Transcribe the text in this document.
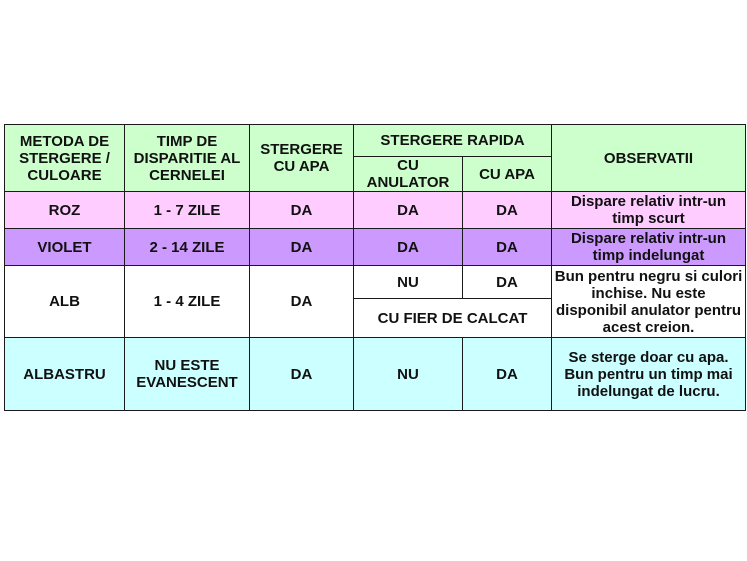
METODA DE STERGERE / CULOARE	TIMP DE DISPARITIE AL CERNELEI	STERGERE CU APA	STERGERE RAPIDA		OBSERVATII
			CU ANULATOR	CU APA	
ROZ	1 - 7 ZILE	DA	DA	DA	Dispare relativ intr-un timp scurt
VIOLET	2 - 14 ZILE	DA	DA	DA	Dispare relativ intr-un timp indelungat
ALB	1 - 4 ZILE	DA	NU	DA	Bun pentru negru si culori inchise. Nu este disponibil anulator pentru acest creion.
			CU FIER DE CALCAT		
ALBASTRU	NU ESTE EVANESCENT	DA	NU	DA	Se sterge doar cu apa. Bun pentru un timp mai indelungat de lucru.
